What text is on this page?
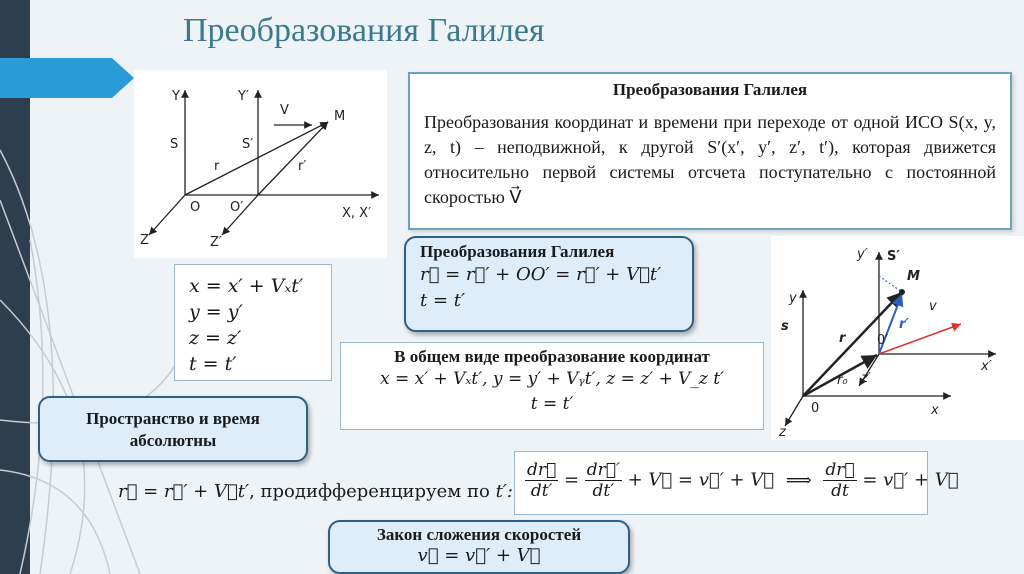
Преобразования Галилея
Y	Y′
V	M
S	S′
r	r′
O O′	X, X′
Z	Z′
Преобразования Галилея
Преобразования координат и времени при переходе от одной ИСО S(x, y, z, t) – неподвижной, к другой S′(x′, y′, z′, t′), которая движется относительно первой системы отсчета поступательно с постоянной скоростью V⃗
x = x′ + Vₓt′
y = y′
z = z′
t = t′
Преобразования Галилея
r⃗ = r⃗′ + OO′ = r⃗′ + V⃗t′
t = t′
y′ S′
M
v
y
s
r
r′
x′
0′
z′
r₀
0	x
z
В общем виде преобразование координат
x = x′ + Vₓt′, y = y′ + Vᵧt′, z = z′ + V_z t′
t = t′
Пространство и время
абсолютны
r⃗ = r⃗′ + V⃗t′, продифференцируем по t′: $\frac{dr⃗}{dt'} = \frac{dr⃗'}{dt'}$ + V⃗ = v⃗′ + V⃗ ⟹ $\frac{dr⃗}{dt}$ = v⃗′ + V⃗
Закон сложения скоростей
v⃗ = v⃗′ + V⃗
